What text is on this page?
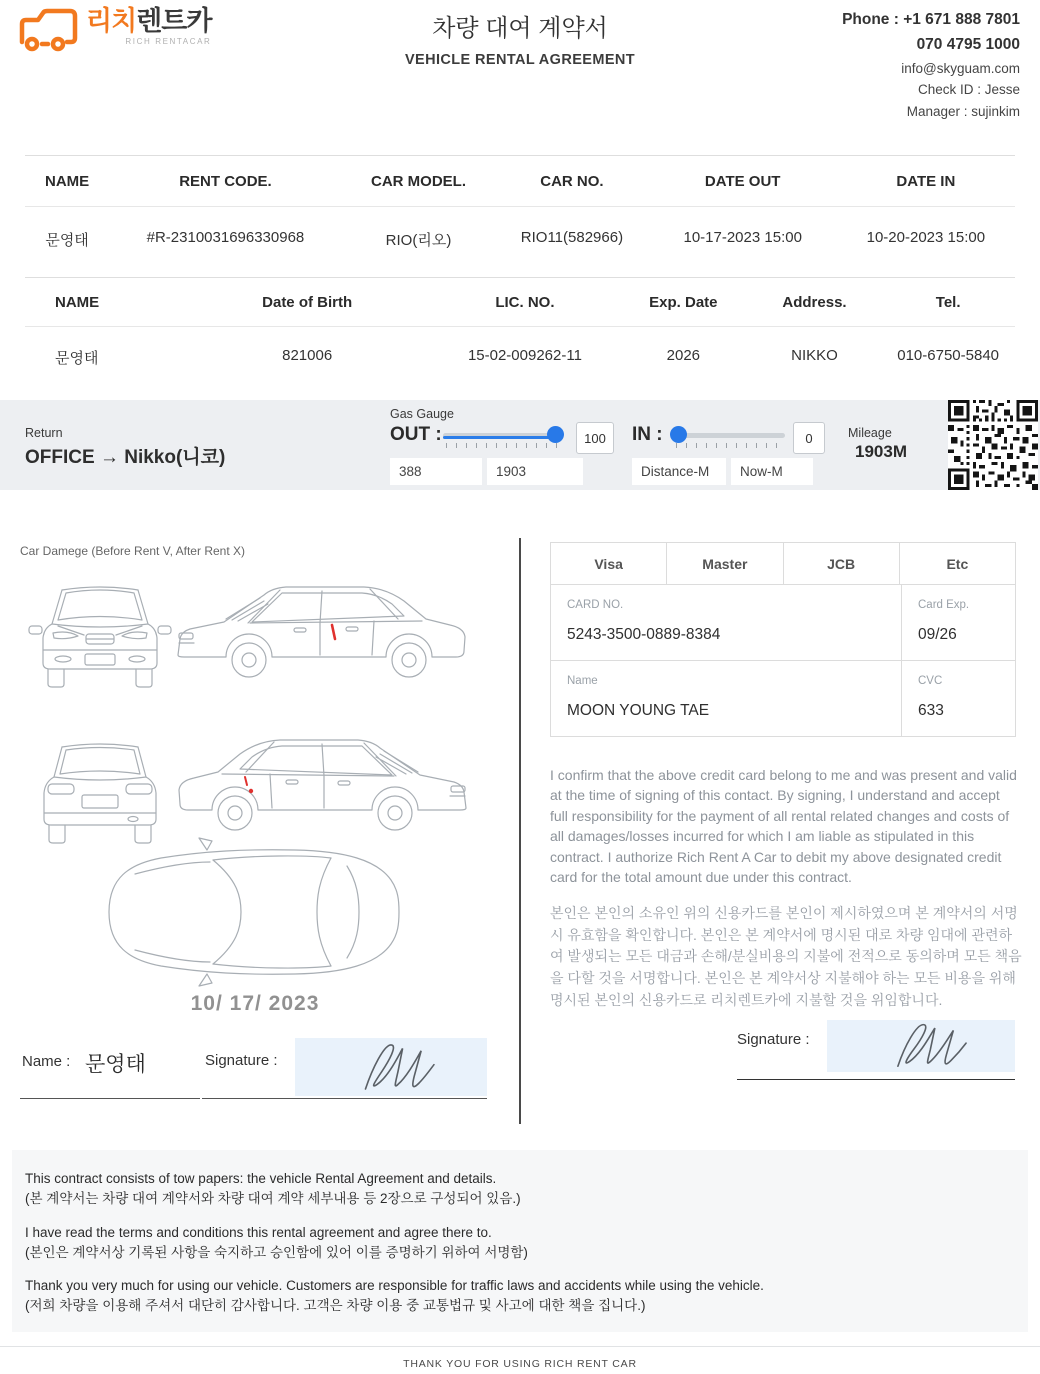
리치렌트카
RICH RENTACAR	차량 대여 계약서
VEHICLE RENTAL AGREEMENT
Phone : +1 671 888 7801
070 4795 1000
info@skyguam.com
Check ID : Jesse
Manager : sujinkim
NAME	RENT CODE.	CAR MODEL.	CAR NO.	DATE OUT	DATE IN
문영태	#R-2310031696330968	RIO(리오)	RIO11(582966)	10-17-2023 15:00	10-20-2023 15:00
NAME	Date of Birth	LIC. NO.	Exp. Date	Address.	Tel.
문영태	821006	15-02-009262-11	2026	NIKKO	010-6750-5840
Return
OFFICE → Nikko(니코)
Gas Gauge
OUT :	100
388
1903	IN :	0
Distance-M
Now-M	Mileage
1903M
Car Damege (Before Rent V, After Rent X)
10/ 17/ 2023
Name : 문영태	Signature :
Visa	Master	JCB	Etc
CARD NO.
5243-3500-0889-8384
Card Exp.
09/26
Name
MOON YOUNG TAE
CVC
633
I confirm that the above credit card belong to me and was present and valid at the time of signing of this contact. By signing, I understand and accept full responsibility for the payment of all rental related changes and costs of all damages/losses incurred for which I am liable as stipulated in this contract. I authorize Rich Rent A Car to debit my above designated credit card for the total amount due under this contract.
본인은 본인의 소유인 위의 신용카드를 본인이 제시하였으며 본 계약서의 서명시 유효함을 확인합니다. 본인은 본 계약서에 명시된 대로 차량 임대에 관련하여 발생되는 모든 대금과 손해/분실비용의 지불에 전적으로 동의하며 모든 책음을 다할 것을 서명합니다. 본인은 본 계약서상 지불해야 하는 모든 비용을 위해 명시된 본인의 신용카드로 리치렌트카에 지불할 것을 위임합니다.
Signature :
This contract consists of tow papers: the vehicle Rental Agreement and details.
(본 계약서는 차량 대여 계약서와 차량 대여 계약 세부내용 등 2장으로 구성되어 있음.)
I have read the terms and conditions this rental agreement and agree there to.
(본인은 계약서상 기록된 사항을 숙지하고 승인함에 있어 이를 증명하기 위하여 서명함)
Thank you very much for using our vehicle. Customers are responsible for traffic laws and accidents while using the vehicle.
(저희 차량을 이용해 주셔서 대단히 감사합니다. 고객은 차량 이용 중 교통법규 및 사고에 대한 책을 집니다.)
THANK YOU FOR USING RICH RENT CAR
